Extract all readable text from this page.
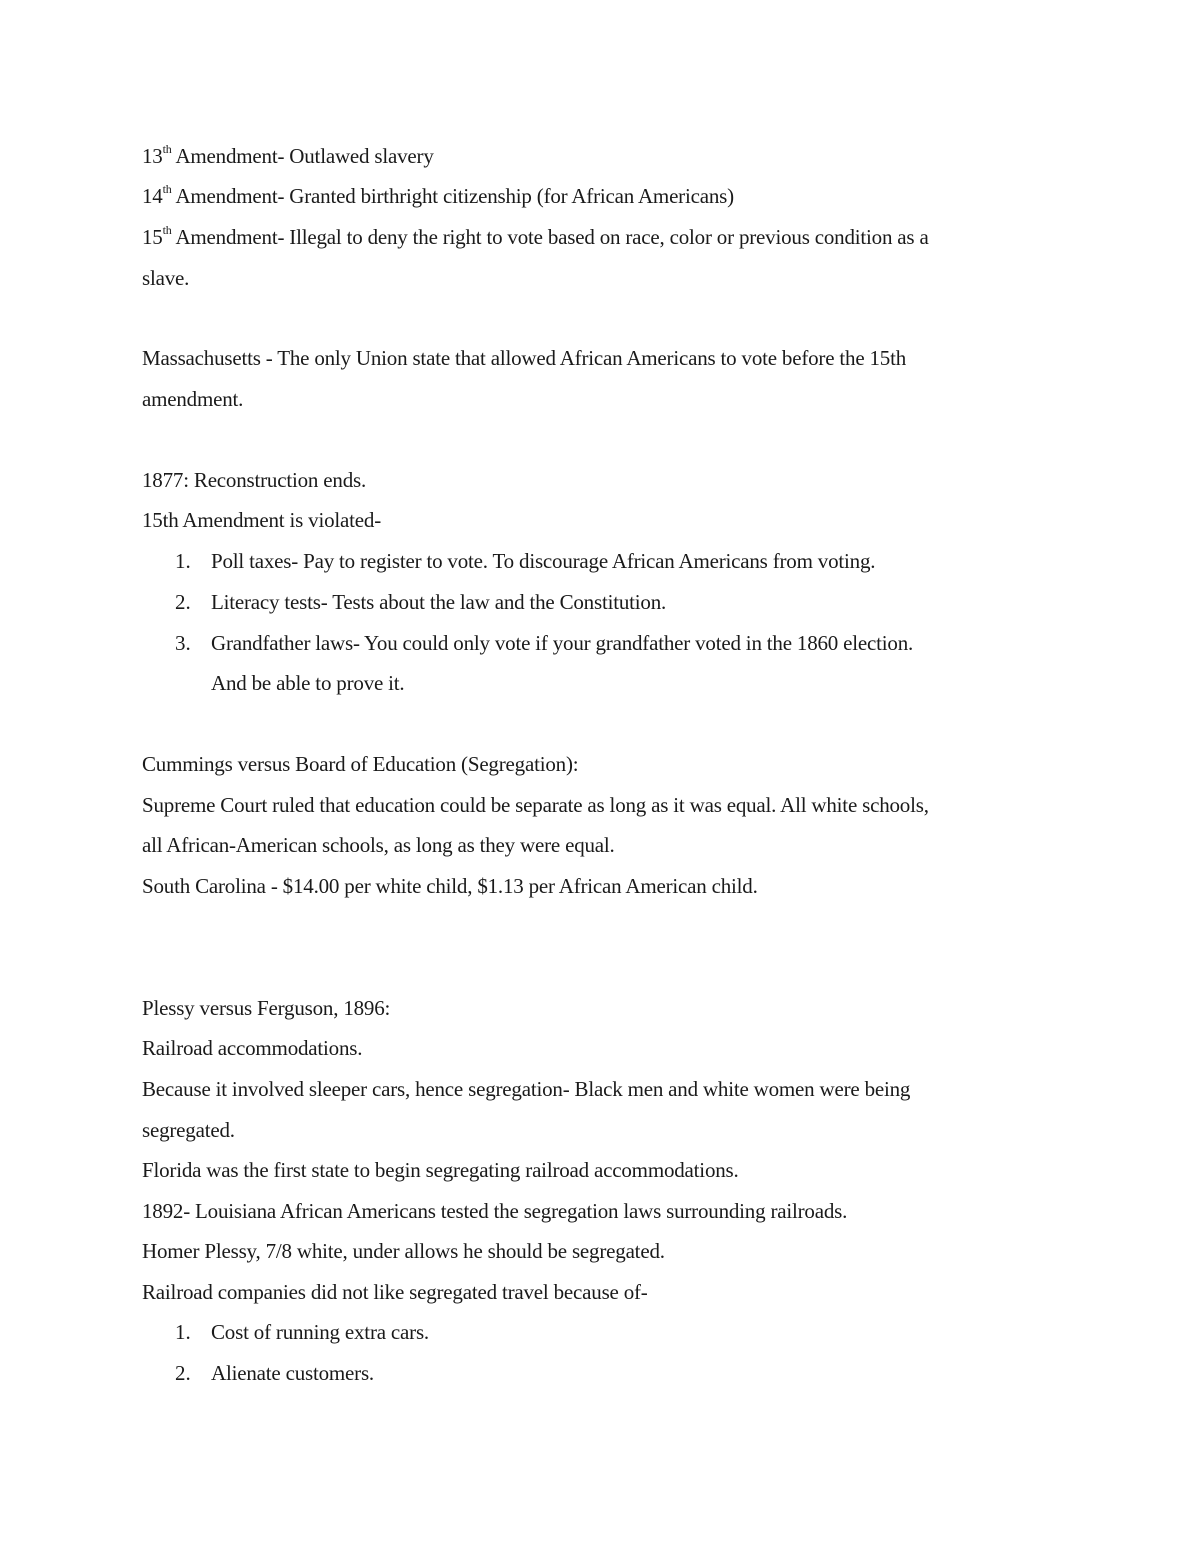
13th Amendment- Outlawed slavery
14th Amendment- Granted birthright citizenship (for African Americans)
15th Amendment- Illegal to deny the right to vote based on race, color or previous condition as a
slave.
Massachusetts - The only Union state that allowed African Americans to vote before the 15th
amendment.
1877: Reconstruction ends.
15th Amendment is violated-
1. Poll taxes- Pay to register to vote. To discourage African Americans from voting.
2. Literacy tests- Tests about the law and the Constitution.
3. Grandfather laws- You could only vote if your grandfather voted in the 1860 election.
And be able to prove it.
Cummings versus Board of Education (Segregation):
Supreme Court ruled that education could be separate as long as it was equal. All white schools,
all African-American schools, as long as they were equal.
South Carolina - $14.00 per white child, $1.13 per African American child.
Plessy versus Ferguson, 1896:
Railroad accommodations.
Because it involved sleeper cars, hence segregation- Black men and white women were being
segregated.
Florida was the first state to begin segregating railroad accommodations.
1892- Louisiana African Americans tested the segregation laws surrounding railroads.
Homer Plessy, 7/8 white, under allows he should be segregated.
Railroad companies did not like segregated travel because of-
1. Cost of running extra cars.
2. Alienate customers.
